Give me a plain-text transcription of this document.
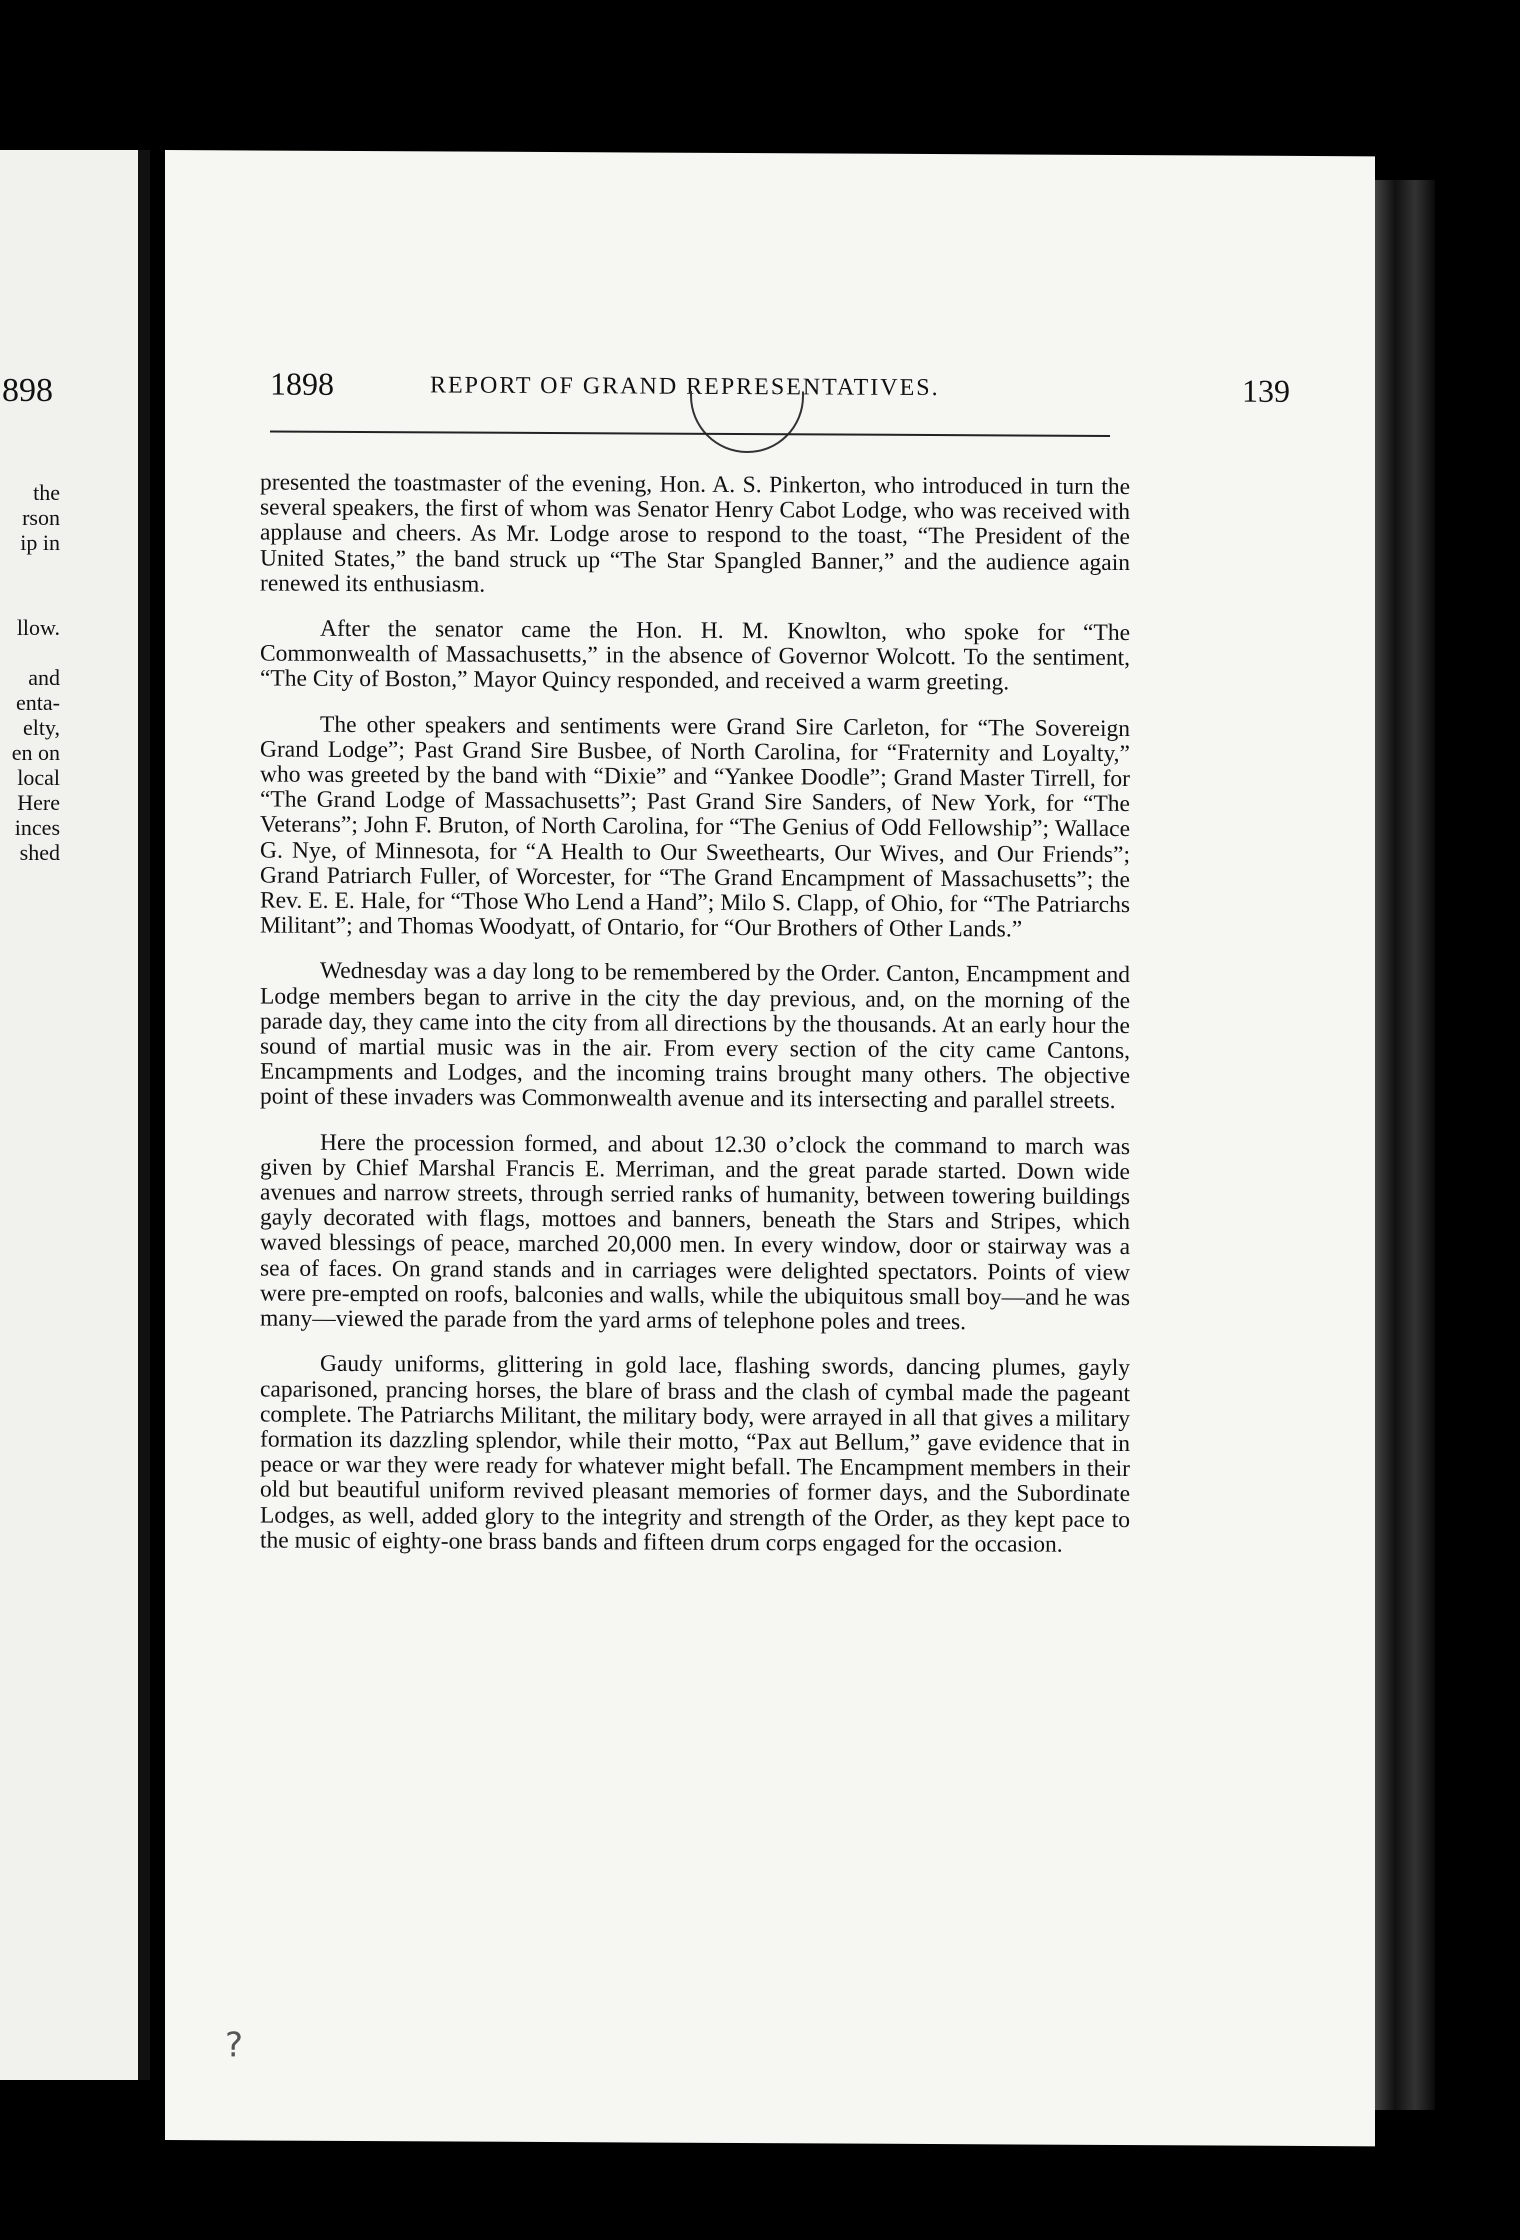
898
the
rson
ip in
llow.
and
enta-
elty,
en on
local
Here
inces
shed
1898	REPORT OF GRAND REPRESENTATIVES.	139

presented the toastmaster of the evening, Hon. A. S. Pinkerton, who introduced in turn the several speakers, the first of whom was Senator Henry Cabot Lodge, who was received with applause and cheers. As Mr. Lodge arose to respond to the toast, “The President of the United States,” the band struck up “The Star Spangled Banner,” and the audience again renewed its enthusiasm.

After the senator came the Hon. H. M. Knowlton, who spoke for “The Commonwealth of Massachusetts,” in the absence of Governor Wolcott. To the sentiment, “The City of Boston,” Mayor Quincy responded, and received a warm greeting.

The other speakers and sentiments were Grand Sire Carleton, for “The Sovereign Grand Lodge”; Past Grand Sire Busbee, of North Carolina, for “Fraternity and Loyalty,” who was greeted by the band with “Dixie” and “Yankee Doodle”; Grand Master Tirrell, for “The Grand Lodge of Massachusetts”; Past Grand Sire Sanders, of New York, for “The Veterans”; John F. Bruton, of North Carolina, for “The Genius of Odd Fellowship”; Wallace G. Nye, of Minnesota, for “A Health to Our Sweethearts, Our Wives, and Our Friends”; Grand Patriarch Fuller, of Worcester, for “The Grand Encampment of Massachusetts”; the Rev. E. E. Hale, for “Those Who Lend a Hand”; Milo S. Clapp, of Ohio, for “The Patriarchs Militant”; and Thomas Woodyatt, of Ontario, for “Our Brothers of Other Lands.”

Wednesday was a day long to be remembered by the Order. Canton, Encampment and Lodge members began to arrive in the city the day previous, and, on the morning of the parade day, they came into the city from all directions by the thousands. At an early hour the sound of martial music was in the air. From every section of the city came Cantons, Encampments and Lodges, and the incoming trains brought many others. The objective point of these invaders was Commonwealth avenue and its intersecting and parallel streets.

Here the procession formed, and about 12.30 o’clock the command to march was given by Chief Marshal Francis E. Merriman, and the great parade started. Down wide avenues and narrow streets, through serried ranks of humanity, between towering buildings gayly decorated with flags, mottoes and banners, beneath the Stars and Stripes, which waved blessings of peace, marched 20,000 men. In every window, door or stairway was a sea of faces. On grand stands and in carriages were delighted spectators. Points of view were pre-empted on roofs, balconies and walls, while the ubiquitous small boy—and he was many—viewed the parade from the yard arms of telephone poles and trees.

Gaudy uniforms, glittering in gold lace, flashing swords, dancing plumes, gayly caparisoned, prancing horses, the blare of brass and the clash of cymbal made the pageant complete. The Patriarchs Militant, the military body, were arrayed in all that gives a military formation its dazzling splendor, while their motto, “Pax aut Bellum,” gave evidence that in peace or war they were ready for whatever might befall. The Encampment members in their old but beautiful uniform revived pleasant memories of former days, and the Subordinate Lodges, as well, added glory to the integrity and strength of the Order, as they kept pace to the music of eighty-one brass bands and fifteen drum corps engaged for the occasion.

?
